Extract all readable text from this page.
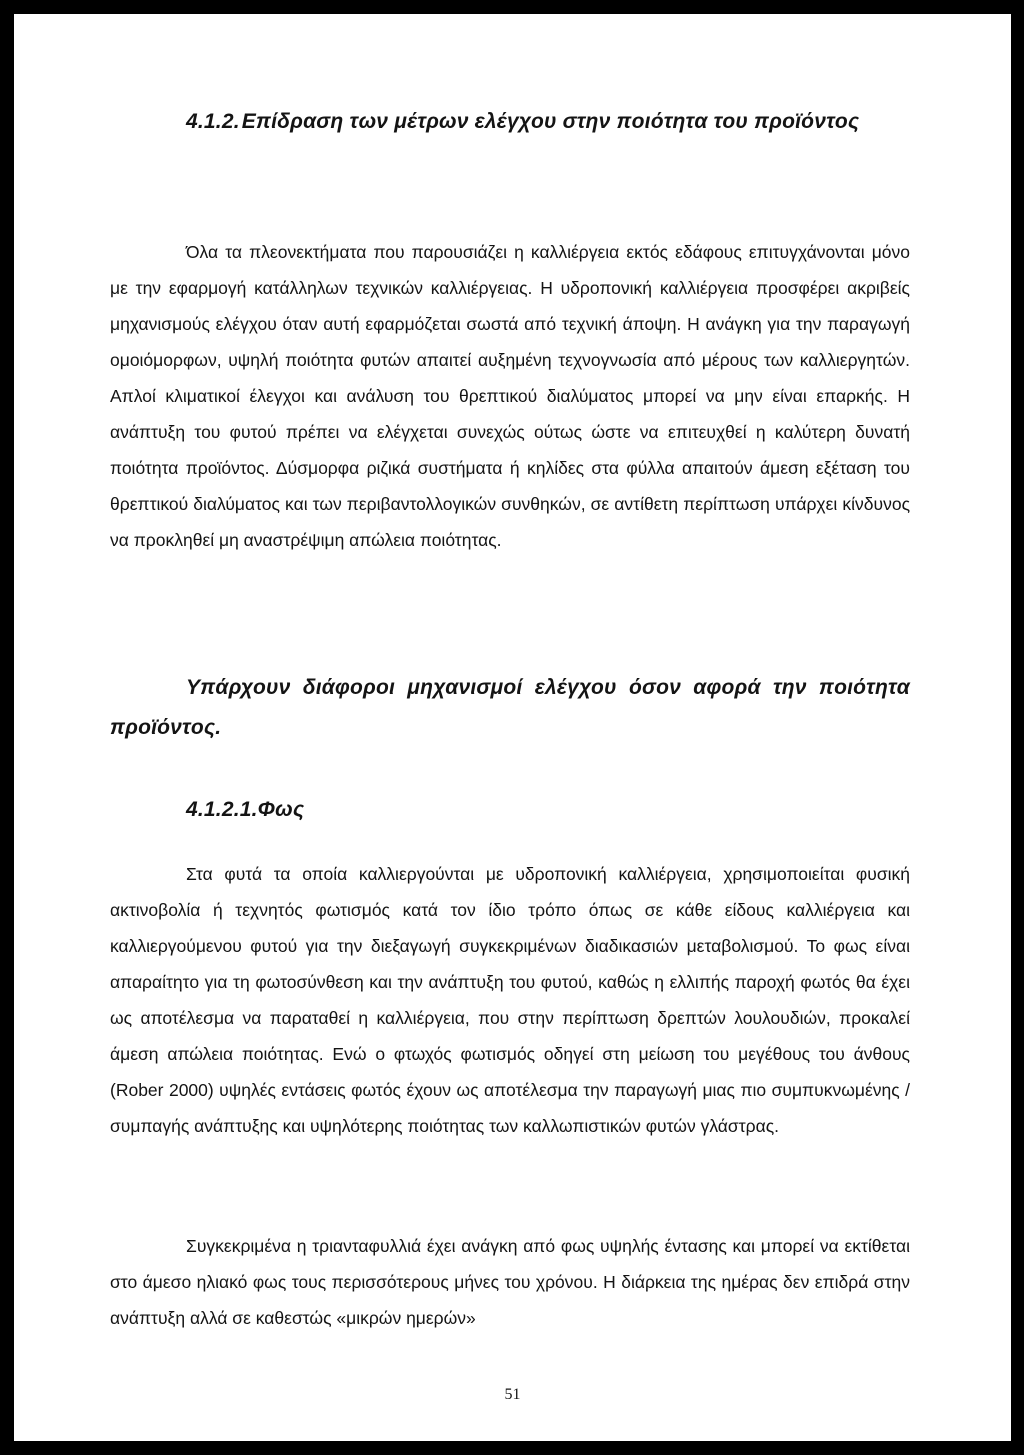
4.1.2.Επίδραση των μέτρων ελέγχου στην ποιότητα του προϊόντος

Όλα τα πλεονεκτήματα που παρουσιάζει η καλλιέργεια εκτός εδάφους επιτυγχάνονται μόνο με την εφαρμογή κατάλληλων τεχνικών καλλιέργειας. Η υδροπονική καλλιέργεια προσφέρει ακριβείς μηχανισμούς ελέγχου όταν αυτή εφαρμόζεται σωστά από τεχνική άποψη. Η ανάγκη για την παραγωγή ομοιόμορφων, υψηλή ποιότητα φυτών απαιτεί αυξημένη τεχνογνωσία από μέρους των καλλιεργητών. Απλοί κλιματικοί έλεγχοι και ανάλυση του θρεπτικού διαλύματος μπορεί να μην είναι επαρκής. Η ανάπτυξη του φυτού πρέπει να ελέγχεται συνεχώς ούτως ώστε να επιτευχθεί η καλύτερη δυνατή ποιότητα προϊόντος. Δύσμορφα ριζικά συστήματα ή κηλίδες στα φύλλα απαιτούν άμεση εξέταση του θρεπτικού διαλύματος και των περιβαντολλογικών συνθηκών, σε αντίθετη περίπτωση υπάρχει κίνδυνος να προκληθεί μη αναστρέψιμη απώλεια ποιότητας.

Υπάρχουν διάφοροι μηχανισμοί ελέγχου όσον αφορά την ποιότητα προϊόντος.
4.1.2.1.Φως

Στα φυτά τα οποία καλλιεργούνται με υδροπονική καλλιέργεια, χρησιμοποιείται φυσική ακτινοβολία ή τεχνητός φωτισμός κατά τον ίδιο τρόπο όπως σε κάθε είδους καλλιέργεια και καλλιεργούμενου φυτού για την διεξαγωγή συγκεκριμένων διαδικασιών μεταβολισμού. Το φως είναι απαραίτητο για τη φωτοσύνθεση και την ανάπτυξη του φυτού, καθώς η ελλιπής παροχή φωτός θα έχει ως αποτέλεσμα να παραταθεί η καλλιέργεια, που στην περίπτωση δρεπτών λουλουδιών, προκαλεί άμεση απώλεια ποιότητας. Ενώ ο φτωχός φωτισμός οδηγεί στη μείωση του μεγέθους του άνθους (Rober 2000) υψηλές εντάσεις φωτός έχουν ως αποτέλεσμα την παραγωγή μιας πιο συμπυκνωμένης /συμπαγής ανάπτυξης και υψηλότερης ποιότητας των καλλωπιστικών φυτών γλάστρας.

Συγκεκριμένα η τριανταφυλλιά έχει ανάγκη από φως υψηλής έντασης και μπορεί να εκτίθεται στο άμεσο ηλιακό φως τους περισσότερους μήνες του χρόνου. Η διάρκεια της ημέρας δεν επιδρά στην ανάπτυξη αλλά σε καθεστώς «μικρών ημερών»

51
